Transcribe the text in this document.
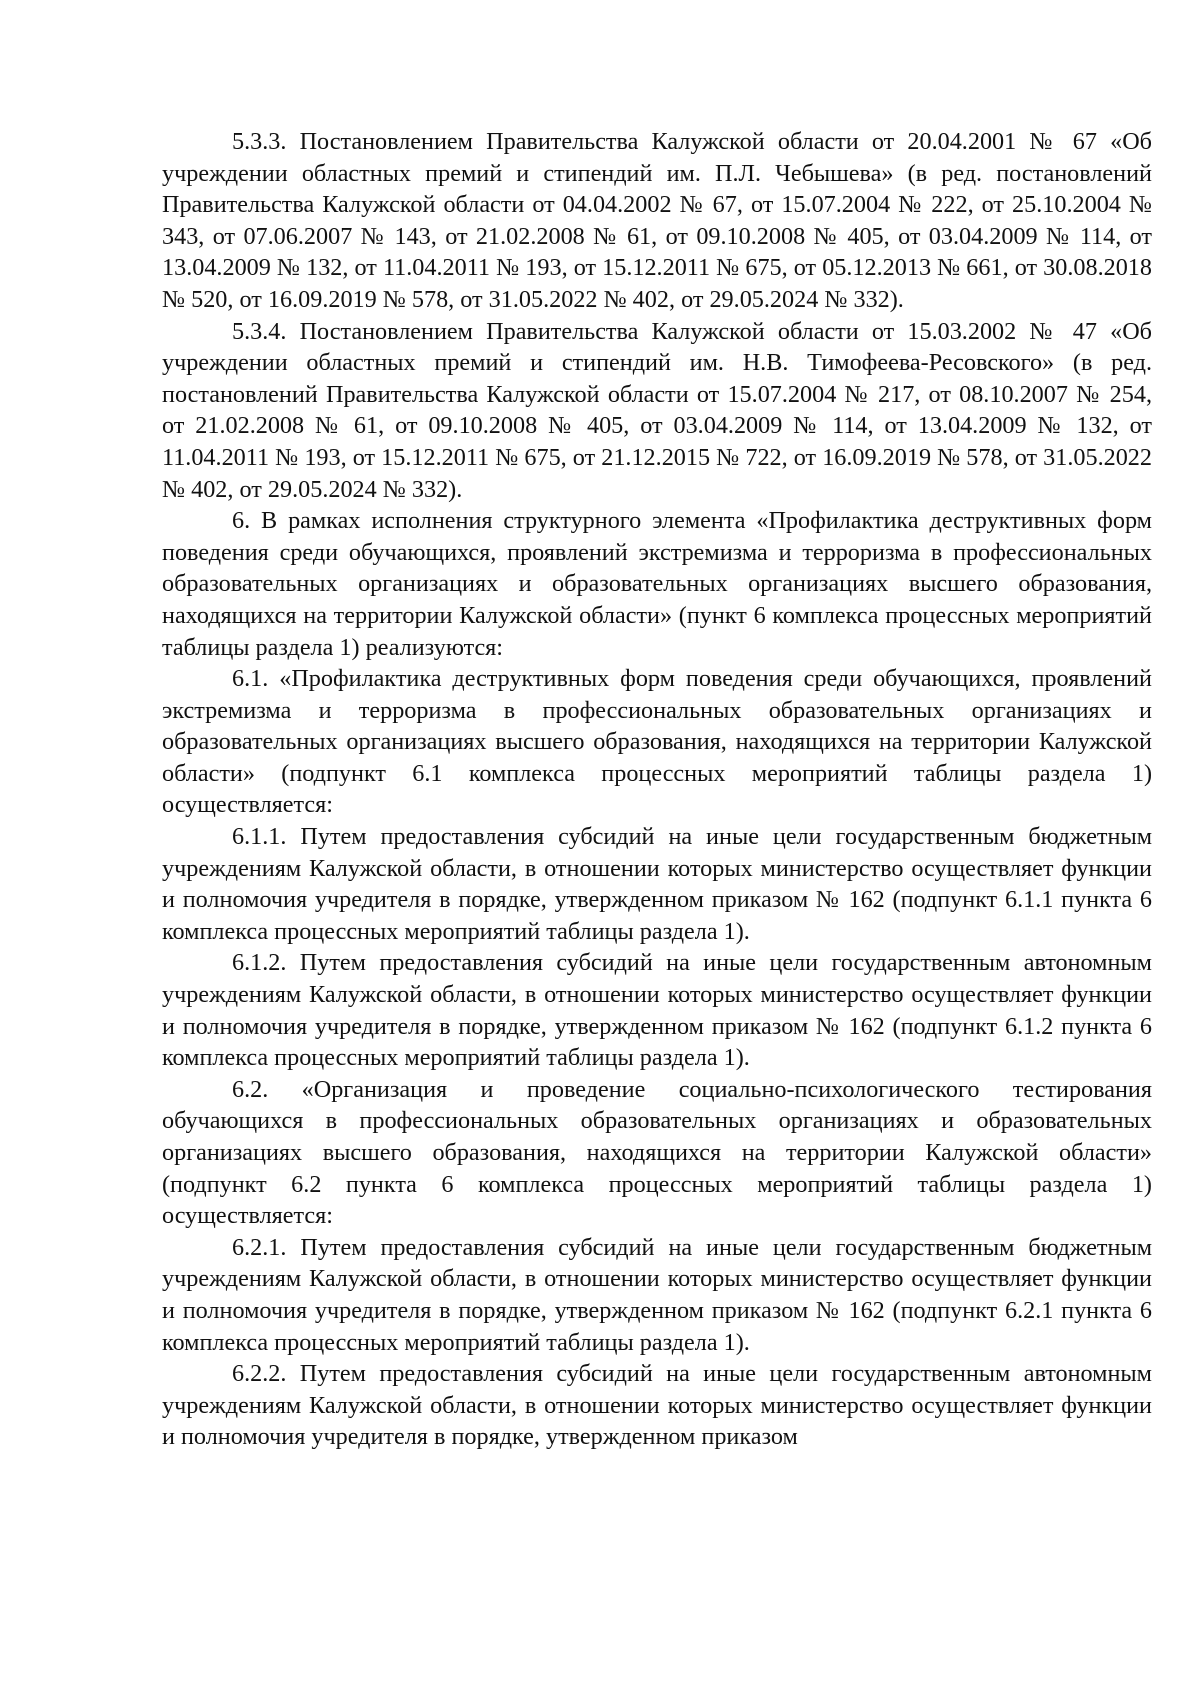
5.3.3. Постановлением Правительства Калужской области от 20.04.2001 № 67 «Об учреждении областных премий и стипендий им. П.Л. Чебышева» (в ред. постановлений Правительства Калужской области от 04.04.2002 № 67, от 15.07.2004 № 222, от 25.10.2004 № 343, от 07.06.2007 № 143, от 21.02.2008 № 61, от 09.10.2008 № 405, от 03.04.2009 № 114, от 13.04.2009 № 132, от 11.04.2011 № 193, от 15.12.2011 № 675, от 05.12.2013 № 661, от 30.08.2018 № 520, от 16.09.2019 № 578, от 31.05.2022 № 402, от 29.05.2024 № 332).

5.3.4. Постановлением Правительства Калужской области от 15.03.2002 № 47 «Об учреждении областных премий и стипендий им. Н.В. Тимофеева-Ресовского» (в ред. постановлений Правительства Калужской области от 15.07.2004 № 217, от 08.10.2007 № 254, от 21.02.2008 № 61, от 09.10.2008 № 405, от 03.04.2009 № 114, от 13.04.2009 № 132, от 11.04.2011 № 193, от 15.12.2011 № 675, от 21.12.2015 № 722, от 16.09.2019 № 578, от 31.05.2022 № 402, от 29.05.2024 № 332).

6. В рамках исполнения структурного элемента «Профилактика деструктивных форм поведения среди обучающихся, проявлений экстремизма и терроризма в профессиональных образовательных организациях и образовательных организациях высшего образования, находящихся на территории Калужской области» (пункт 6 комплекса процессных мероприятий таблицы раздела 1) реализуются:

6.1. «Профилактика деструктивных форм поведения среди обучающихся, проявлений экстремизма и терроризма в профессиональных образовательных организациях и образовательных организациях высшего образования, находящихся на территории Калужской области» (подпункт 6.1 комплекса процессных мероприятий таблицы раздела 1) осуществляется:

6.1.1. Путем предоставления субсидий на иные цели государственным бюджетным учреждениям Калужской области, в отношении которых министерство осуществляет функции и полномочия учредителя в порядке, утвержденном приказом № 162 (подпункт 6.1.1 пункта 6 комплекса процессных мероприятий таблицы раздела 1).

6.1.2. Путем предоставления субсидий на иные цели государственным автономным учреждениям Калужской области, в отношении которых министерство осуществляет функции и полномочия учредителя в порядке, утвержденном приказом № 162 (подпункт 6.1.2 пункта 6 комплекса процессных мероприятий таблицы раздела 1).

6.2. «Организация и проведение социально-психологического тестирования обучающихся в профессиональных образовательных организациях и образовательных организациях высшего образования, находящихся на территории Калужской области» (подпункт 6.2 пункта 6 комплекса процессных мероприятий таблицы раздела 1) осуществляется:

6.2.1. Путем предоставления субсидий на иные цели государственным бюджетным учреждениям Калужской области, в отношении которых министерство осуществляет функции и полномочия учредителя в порядке, утвержденном приказом № 162 (подпункт 6.2.1 пункта 6 комплекса процессных мероприятий таблицы раздела 1).

6.2.2. Путем предоставления субсидий на иные цели государственным автономным учреждениям Калужской области, в отношении которых министерство осуществляет функции и полномочия учредителя в порядке, утвержденном приказом
